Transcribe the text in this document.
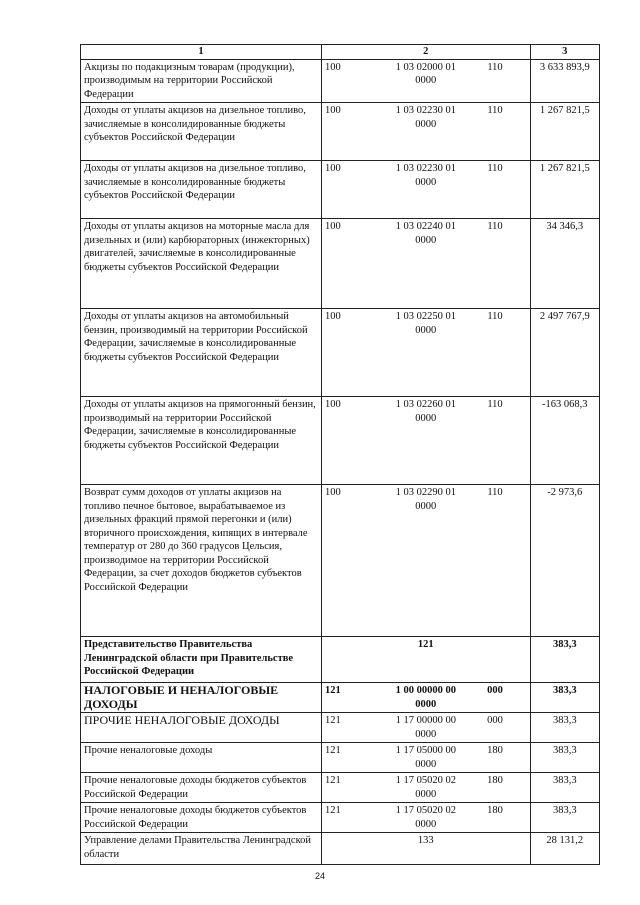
1	2			3
Акцизы по подакцизным товарам (продукции), производимым на территории Российской Федерации	100	1 03 02000 01 0000	110	3 633 893,9
Доходы от уплаты акцизов на дизельное топливо, зачисляемые в консолидированные бюджеты субъектов Российской Федерации	100	1 03 02230 01 0000	110	1 267 821,5
Доходы от уплаты акцизов на дизельное топливо, зачисляемые в консолидированные бюджеты субъектов Российской Федерации	100	1 03 02230 01 0000	110	1 267 821,5
Доходы от уплаты акцизов на моторные масла для дизельных и (или) карбюраторных (инжекторных) двигателей, зачисляемые в консолидированные бюджеты субъектов Российской Федерации	100	1 03 02240 01 0000	110	34 346,3
Доходы от уплаты акцизов на автомобильный бензин, производимый на территории Российской Федерации, зачисляемые в консолидированные бюджеты субъектов Российской Федерации	100	1 03 02250 01 0000	110	2 497 767,9
Доходы от уплаты акцизов на прямогонный бензин, производимый на территории Российской Федерации, зачисляемые в консолидированные бюджеты субъектов Российской Федерации	100	1 03 02260 01 0000	110	-163 068,3
Возврат сумм доходов от уплаты акцизов на топливо печное бытовое, вырабатываемое из дизельных фракций прямой перегонки и (или) вторичного происхождения, кипящих в интервале температур от 280 до 360 градусов Цельсия, производимое на территории Российской Федерации, за счет доходов бюджетов субъектов Российской Федерации	100	1 03 02290 01 0000	110	-2 973,6
Представительство Правительства Ленинградской области при Правительстве Российской Федерации	121			383,3
НАЛОГОВЫЕ И НЕНАЛОГОВЫЕ ДОХОДЫ	121	1 00 00000 00 0000	000	383,3
ПРОЧИЕ НЕНАЛОГОВЫЕ ДОХОДЫ	121	1 17 00000 00 0000	000	383,3
Прочие неналоговые доходы	121	1 17 05000 00 0000	180	383,3
Прочие неналоговые доходы бюджетов субъектов Российской Федерации	121	1 17 05020 02 0000	180	383,3
Прочие неналоговые доходы бюджетов субъектов Российской Федерации	121	1 17 05020 02 0000	180	383,3
Управление делами Правительства Ленинградской области	133			28 131,2
24
